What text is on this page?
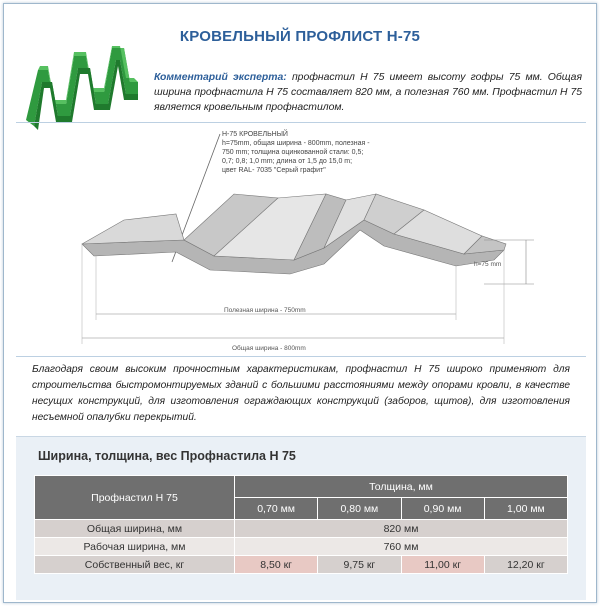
КРОВЕЛЬНЫЙ ПРОФЛИСТ Н-75
Комментарий эксперта: профнастил Н 75 имеет высоту гофры 75 мм. Общая ширина профнастила Н 75 составляет 820 мм, а полезная 760 мм. Профнастил Н 75 является кровельным профнастилом.
Н-75 КРОВЕЛЬНЫЙ
h=75mm, общая ширина - 800mm, полезная -
750 mm; толщина оцинкованной стали: 0,5;
0,7; 0,8; 1,0 mm; длина от 1,5 до 15,0 m;
цвет RAL- 7035 "Серый графит"
h=75 mm
Полезная ширина - 750mm
Общая ширина - 800mm
Благодаря своим высоким прочностным характеристикам, профнастил Н 75 широко применяют для строительства быстромонтируемых зданий с большими расстояниями между опорами кровли, в качестве несущих конструкций, для изготовления ограждающих конструкций (заборов, щитов), для изготовления несъемной опалубки перекрытий.
Ширина, толщина, вес Профнастила Н 75
Профнастил Н 75	Толщина, мм			
	0,70 мм	0,80 мм	0,90 мм	1,00 мм
Общая ширина, мм	820 мм			
Рабочая ширина, мм	760 мм			
Собственный вес, кг	8,50 кг	9,75 кг	11,00 кг	12,20 кг
